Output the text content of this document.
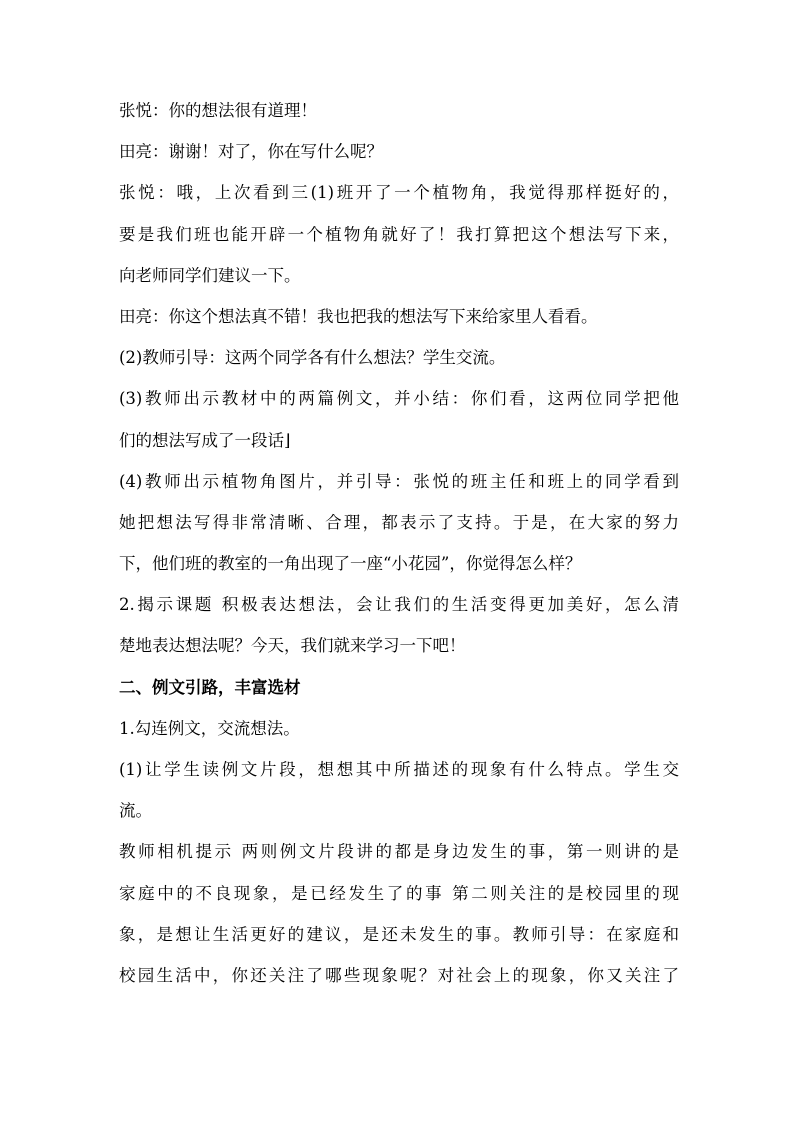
张悦：你的想法很有道理！

田亮：谢谢！对了，你在写什么呢？

张悦：哦，上次看到三(1)班开了一个植物角，我觉得那样挺好的，

要是我们班也能开辟一个植物角就好了！我打算把这个想法写下来，

向老师同学们建议一下。

田亮：你这个想法真不错！我也把我的想法写下来给家里人看看。

(2)教师引导：这两个同学各有什么想法？学生交流。

(3)教师出示教材中的两篇例文，并小结：你们看，这两位同学把他

们的想法写成了一段话⌋

(4)教师出示植物角图片，并引导：张悦的班主任和班上的同学看到

她把想法写得非常清晰、合理，都表示了支持。于是，在大家的努力

下，他们班的教室的一角出现了一座“小花园”，你觉得怎么样？

2.揭示课题 积极表达想法，会让我们的生活变得更加美好，怎么清

楚地表达想法呢？今天，我们就来学习一下吧！

二、例文引路，丰富选材

1.勾连例文，交流想法。

(1)让学生读例文片段，想想其中所描述的现象有什么特点。学生交

流。

教师相机提示 两则例文片段讲的都是身边发生的事，第一则讲的是

家庭中的不良现象，是已经发生了的事 第二则关注的是校园里的现

象，是想让生活更好的建议，是还未发生的事。教师引导：在家庭和

校园生活中，你还关注了哪些现象呢？对社会上的现象，你又关注了
